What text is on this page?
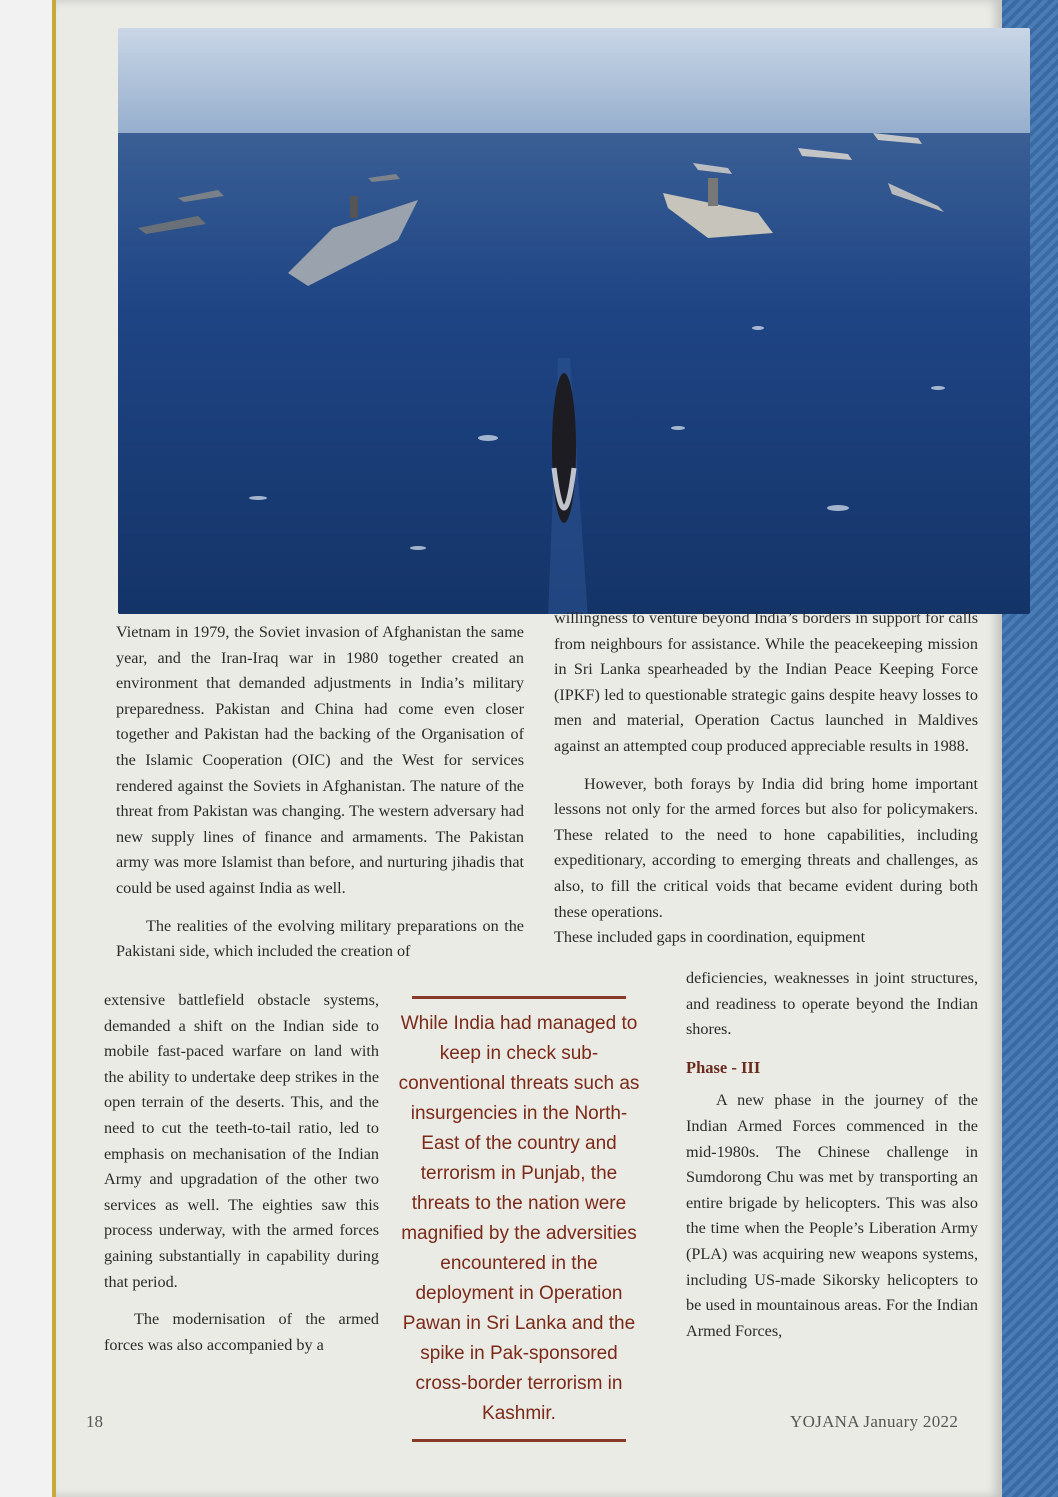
Vietnam in 1979, the Soviet invasion of Afghanistan the same year, and the Iran-Iraq war in 1980 together created an environment that demanded adjustments in India’s military preparedness. Pakistan and China had come even closer together and Pakistan had the backing of the Organisation of the Islamic Cooperation (OIC) and the West for services rendered against the Soviets in Afghanistan. The nature of the threat from Pakistan was changing. The western adversary had new supply lines of finance and armaments. The Pakistan army was more Islamist than before, and nurturing jihadis that could be used against India as well.

The realities of the evolving military preparations on the Pakistani side, which included the creation of

extensive battlefield obstacle systems, demanded a shift on the Indian side to mobile fast-paced warfare on land with the ability to undertake deep strikes in the open terrain of the deserts. This, and the need to cut the teeth-to-tail ratio, led to emphasis on mechanisation of the Indian Army and upgradation of the other two services as well. The eighties saw this process underway, with the armed forces gaining substantially in capability during that period.

The modernisation of the armed forces was also accompanied by a

While India had managed to keep in check sub-conventional threats such as insurgencies in the North-East of the country and terrorism in Punjab, the threats to the nation were magnified by the adversities encountered in the deployment in Operation Pawan in Sri Lanka and the spike in Pak-sponsored cross-border terrorism in Kashmir.

willingness to venture beyond India’s borders in support for calls from neighbours for assistance. While the peacekeeping mission in Sri Lanka spearheaded by the Indian Peace Keeping Force (IPKF) led to questionable strategic gains despite heavy losses to men and material, Operation Cactus launched in Maldives against an attempted coup produced appreciable results in 1988.

However, both forays by India did bring home important lessons not only for the armed forces but also for policymakers. These related to the need to hone capabilities, including expeditionary, according to emerging threats and challenges, as also, to fill the critical voids that became evident during both these operations.

These included gaps in coordination, equipment

deficiencies, weaknesses in joint structures, and readiness to operate beyond the Indian shores.

Phase - III

A new phase in the journey of the Indian Armed Forces commenced in the mid-1980s. The Chinese challenge in Sumdorong Chu was met by transporting an entire brigade by helicopters. This was also the time when the People’s Liberation Army (PLA) was acquiring new weapons systems, including US-made Sikorsky helicopters to be used in mountainous areas. For the Indian Armed Forces,

18	YOJANA January 2022
